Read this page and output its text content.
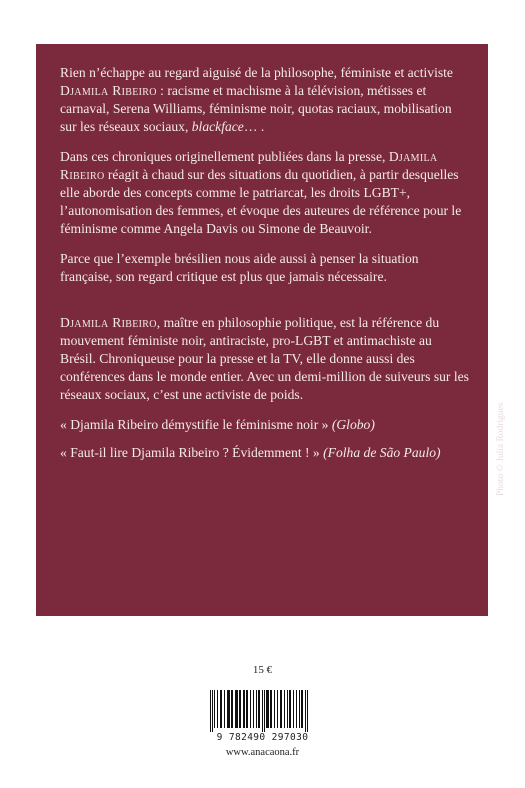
Rien n’échappe au regard aiguisé de la philosophe, féministe et activiste Djamila Ribeiro : racisme et machisme à la télévision, métisses et carnaval, Serena Williams, féminisme noir, quotas raciaux, mobilisation sur les réseaux sociaux, blackface… .

Dans ces chroniques originellement publiées dans la presse, Djamila Ribeiro réagit à chaud sur des situations du quotidien, à partir desquelles elle aborde des concepts comme le patriarcat, les droits LGBT+, l’autonomisation des femmes, et évoque des auteures de référence pour le féminisme comme Angela Davis ou Simone de Beauvoir.

Parce que l’exemple brésilien nous aide aussi à penser la situation française, son regard critique est plus que jamais nécessaire.

Djamila Ribeiro, maître en philosophie politique, est la référence du mouvement féministe noir, antiraciste, pro-LGBT et antimachiste au Brésil. Chroniqueuse pour la presse et la TV, elle donne aussi des conférences dans le monde entier. Avec un demi-million de suiveurs sur les réseaux sociaux, c’est une activiste de poids.

« Djamila Ribeiro démystifie le féminisme noir » (Globo)

« Faut-il lire Djamila Ribeiro ? Évidemment ! » (Folha de São Paulo)	Photo © Julia Rodrigues
15 €
9 782490 297030
www.anacaona.fr
